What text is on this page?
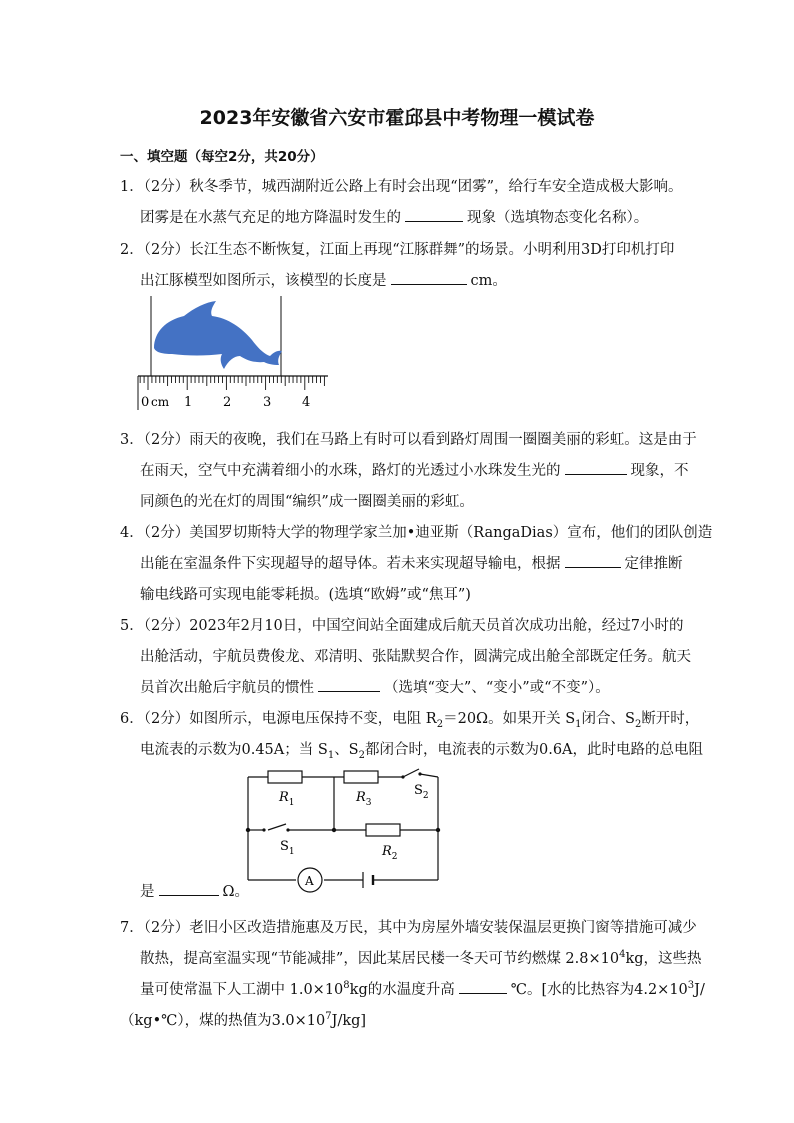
2023年安徽省六安市霍邱县中考物理一模试卷
一、填空题（每空2分，共20分）
1．（2分）秋冬季节，城西湖附近公路上有时会出现“团雾”，给行车安全造成极大影响。
团雾是在水蒸气充足的地方降温时发生的	现象（选填物态变化名称）。
2．（2分）长江生态不断恢复，江面上再现“江豚群舞”的场景。小明利用3D打印机打印
出江豚模型如图所示，该模型的长度是	cm。
0 cm 1 2 3 4
3．（2分）雨天的夜晚，我们在马路上有时可以看到路灯周围一圈圈美丽的彩虹。这是由于
在雨天，空气中充满着细小的水珠，路灯的光透过小水珠发生光的	现象，不
同颜色的光在灯的周围“编织”成一圈圈美丽的彩虹。
4．（2分）美国罗切斯特大学的物理学家兰加•迪亚斯（RangaDias）宣布，他们的团队创造
出能在室温条件下实现超导的超导体。若未来实现超导输电，根据	定律推断
输电线路可实现电能零耗损。(选填“欧姆”或“焦耳”)
5．（2分）2023年2月10日，中国空间站全面建成后航天员首次成功出舱，经过7小时的
出舱活动，宇航员费俊龙、邓清明、张陆默契合作，圆满完成出舱全部既定任务。航天
员首次出舱后宇航员的惯性	（选填“变大”、“变小”或“不变”）。
6．（2分）如图所示，电源电压保持不变，电阻 $R_2=20\Omega$。如果开关 $S_1$闭合、$S_2$断开时，
电流表的示数为0.45A；当 $S_1$、$S_2$都闭合时，电流表的示数为0.6A，此时电路的总电阻
是	Ω。
$R_1$	$R_3$
$S_2$
$S_1$	$R_2$
A
7．（2分）老旧小区改造措施惠及万民，其中为房屋外墙安装保温层更换门窗等措施可减少
散热，提高室温实现“节能减排”，因此某居民楼一冬天可节约燃煤 $2.8\times 10^4kg$，这些热
量可使常温下人工湖中 $1.0\times 10^8kg$的水温度升高	℃。[水的比热容为$4.2\times 10^3J/$
（kg•℃），煤的热值为$3.0\times 10^7J/kg$]
